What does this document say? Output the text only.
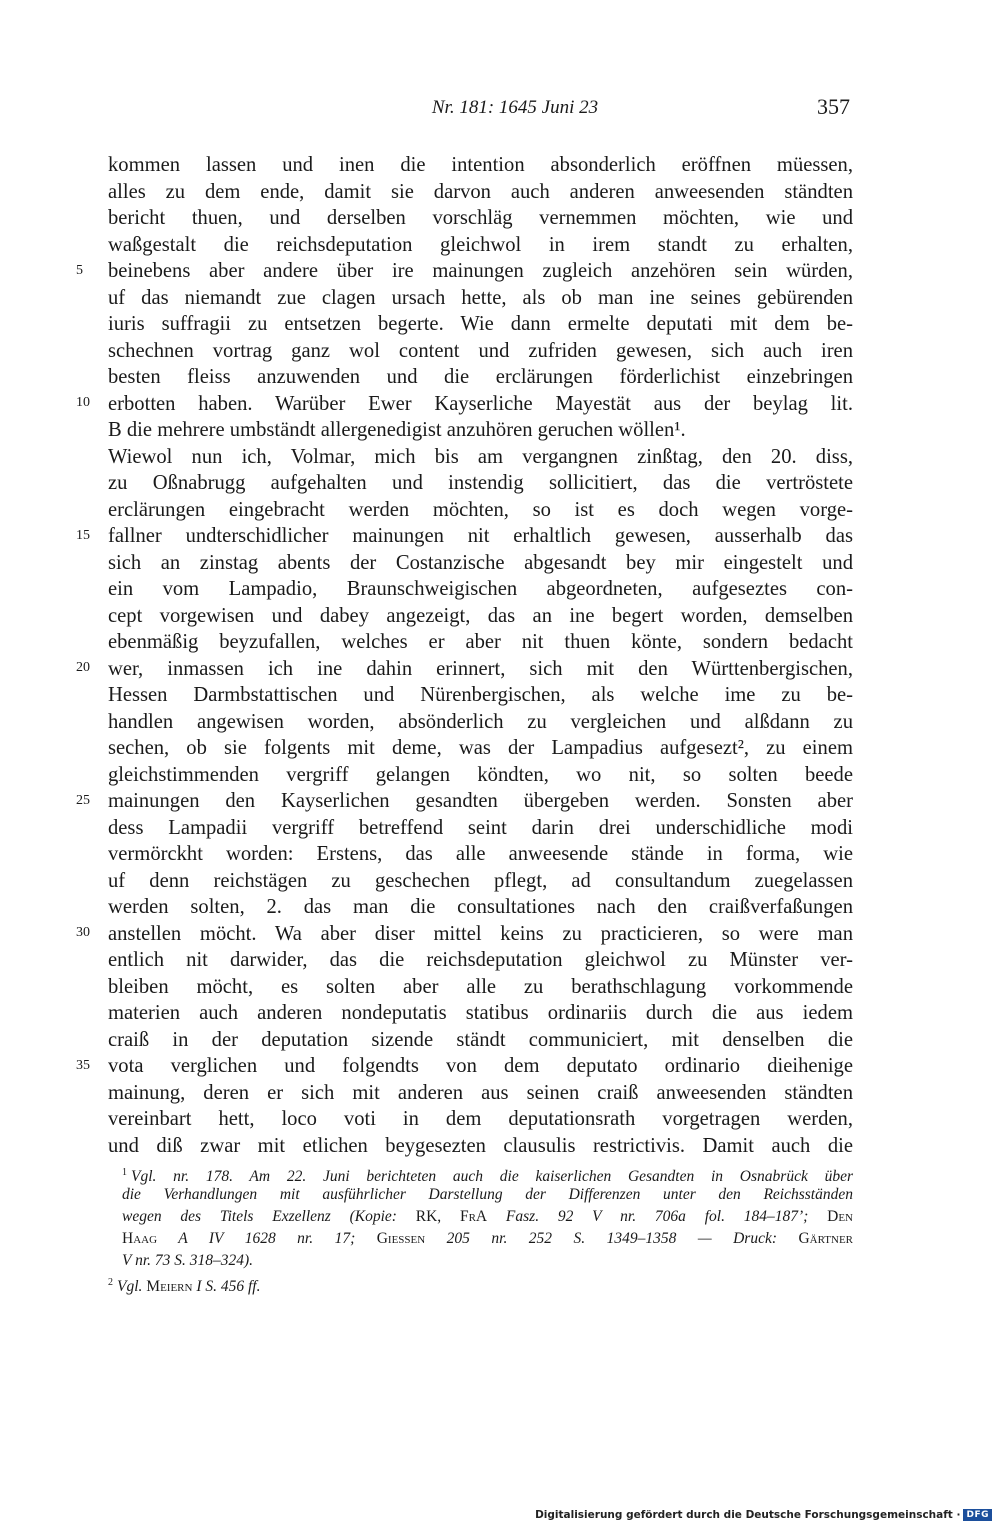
Nr. 181: 1645 Juni 23	357
5
10
15
20
25
30
35
kommen lassen und inen die intention absonderlich eröffnen müessen,
alles zu dem ende, damit sie darvon auch anderen anweesenden ständten
bericht thuen, und derselben vorschläg vernemmen möchten, wie und
waßgestalt die reichsdeputation gleichwol in irem standt zu erhalten,
beinebens aber andere über ire mainungen zugleich anzehören sein würden,
uf das niemandt zue clagen ursach hette, als ob man ine seines gebürenden
iuris suffragii zu entsetzen begerte. Wie dann ermelte deputati mit dem be-
schechnen vortrag ganz wol content und zufriden gewesen, sich auch iren
besten fleiss anzuwenden und die erclärungen förderlichist einzebringen
erbotten haben. Warüber Ewer Kayserliche Mayestät aus der beylag lit.
B die mehrere umbständt allergenedigist anzuhören geruchen wöllen¹.
Wiewol nun ich, Volmar, mich bis am vergangnen zinßtag, den 20. diss,
zu Oßnabrugg aufgehalten und instendig sollicitiert, das die vertröstete
erclärungen eingebracht werden möchten, so ist es doch wegen vorge-
fallner undterschidlicher mainungen nit erhaltlich gewesen, ausserhalb das
sich an zinstag abents der Costanzische abgesandt bey mir eingestelt und
ein vom Lampadio, Braunschweigischen abgeordneten, aufgeseztes con-
cept vorgewisen und dabey angezeigt, das an ine begert worden, demselben
ebenmäßig beyzufallen, welches er aber nit thuen könte, sondern bedacht
wer, inmassen ich ine dahin erinnert, sich mit den Württenbergischen,
Hessen Darmbstattischen und Nürenbergischen, als welche ime zu be-
handlen angewisen worden, absönderlich zu vergleichen und alßdann zu
sechen, ob sie folgents mit deme, was der Lampadius aufgesezt², zu einem
gleichstimmenden vergriff gelangen köndten, wo nit, so solten beede
mainungen den Kayserlichen gesandten übergeben werden. Sonsten aber
dess Lampadii vergriff betreffend seint darin drei underschidliche modi
vermörckht worden: Erstens, das alle anweesende stände in forma, wie
uf denn reichstägen zu geschechen pflegt, ad consultandum zuegelassen
werden solten, 2. das man die consultationes nach den craißverfaßungen
anstellen möcht. Wa aber diser mittel keins zu practicieren, so were man
entlich nit darwider, das die reichsdeputation gleichwol zu Münster ver-
bleiben möcht, es solten aber alle zu berathschlagung vorkommende
materien auch anderen nondeputatis statibus ordinariis durch die aus iedem
craiß in der deputation sizende ständt communiciert, mit denselben die
vota verglichen und folgendts von dem deputato ordinario dieihenige
mainung, deren er sich mit anderen aus seinen craiß anweesenden ständten
vereinbart hett, loco voti in dem deputationsrath vorgetragen werden,
und diß zwar mit etlichen beygesezten clausulis restrictivis. Damit auch die
$^1$ Vgl. nr. 178. Am 22. Juni berichteten auch die kaiserlichen Gesandten in Osnabrück über
die Verhandlungen mit ausführlicher Darstellung der Differenzen unter den Reichsständen
wegen des Titels Exzellenz (Kopie: RK, FrA Fasz. 92 V nr. 706a fol. 184–187’; Den
Haag A IV 1628 nr. 17; Giessen 205 nr. 252 S. 1349–1358 — Druck: Gärtner
V nr. 73 S. 318–324).
$^2$ Vgl. Meiern I S. 456 ff.
Digitalisierung gefördert durch die Deutsche Forschungsgemeinschaft · DFG
